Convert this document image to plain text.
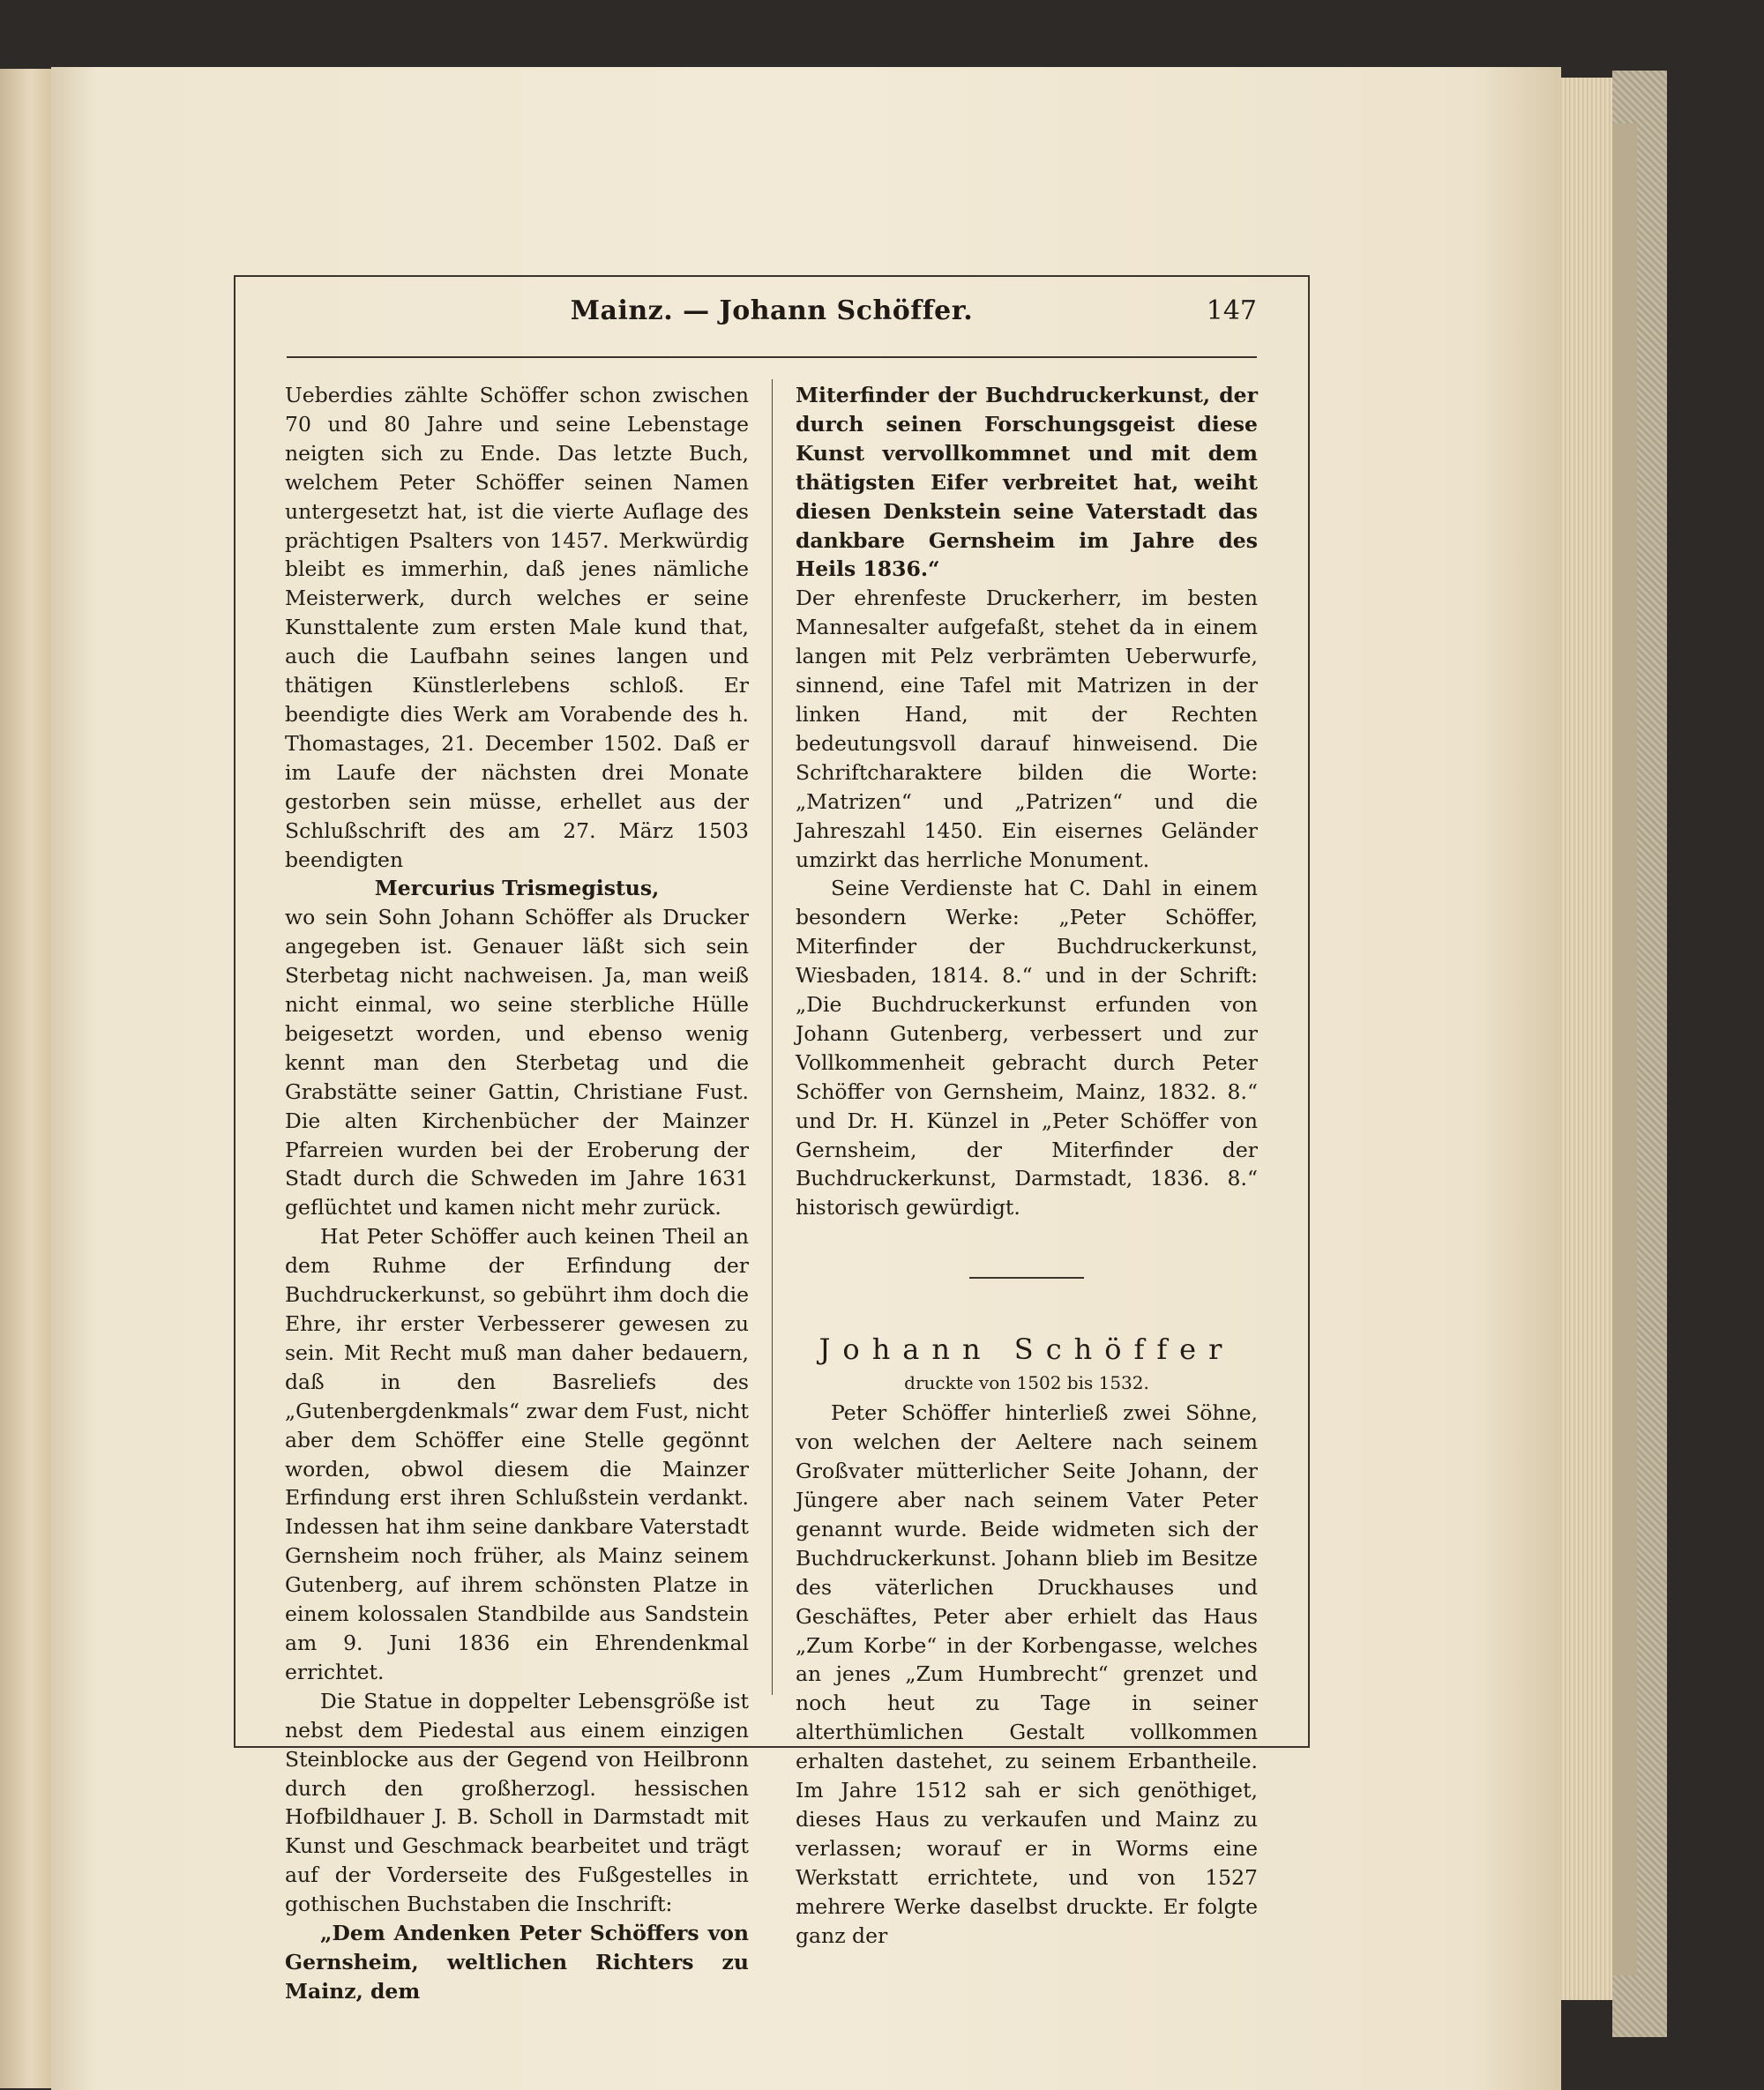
Mainz. — Johann Schöffer.	147

Ueberdies zählte Schöffer schon zwischen 70 und 80 Jahre und seine Lebenstage neigten sich zu Ende. Das letzte Buch, welchem Peter Schöffer seinen Namen untergesetzt hat, ist die vierte Auflage des prächtigen Psalters von 1457. Merkwürdig bleibt es immerhin, daß jenes nämliche Meisterwerk, durch welches er seine Kunsttalente zum ersten Male kund that, auch die Laufbahn seines langen und thätigen Künstlerlebens schloß. Er beendigte dies Werk am Vorabende des h. Thomastages, 21. December 1502. Daß er im Laufe der nächsten drei Monate gestorben sein müsse, erhellet aus der Schlußschrift des am 27. März 1503 beendigten

Mercurius Trismegistus,

wo sein Sohn Johann Schöffer als Drucker angegeben ist. Genauer läßt sich sein Sterbetag nicht nachweisen. Ja, man weiß nicht einmal, wo seine sterbliche Hülle beigesetzt worden, und ebenso wenig kennt man den Sterbetag und die Grabstätte seiner Gattin, Christiane Fust. Die alten Kirchenbücher der Mainzer Pfarreien wurden bei der Eroberung der Stadt durch die Schweden im Jahre 1631 geflüchtet und kamen nicht mehr zurück.

Hat Peter Schöffer auch keinen Theil an dem Ruhme der Erfindung der Buchdruckerkunst, so gebührt ihm doch die Ehre, ihr erster Verbesserer gewesen zu sein. Mit Recht muß man daher bedauern, daß in den Basreliefs des „Gutenbergdenkmals“ zwar dem Fust, nicht aber dem Schöffer eine Stelle gegönnt worden, obwol diesem die Mainzer Erfindung erst ihren Schlußstein verdankt. Indessen hat ihm seine dankbare Vaterstadt Gernsheim noch früher, als Mainz seinem Gutenberg, auf ihrem schönsten Platze in einem kolossalen Standbilde aus Sandstein am 9. Juni 1836 ein Ehrendenkmal errichtet.

Die Statue in doppelter Lebensgröße ist nebst dem Piedestal aus einem einzigen Steinblocke aus der Gegend von Heilbronn durch den großherzogl. hessischen Hofbildhauer J. B. Scholl in Darmstadt mit Kunst und Geschmack bearbeitet und trägt auf der Vorderseite des Fußgestelles in gothischen Buchstaben die Inschrift:

„Dem Andenken Peter Schöffers von Gernsheim, weltlichen Richters zu Mainz, dem

Miterfinder der Buchdruckerkunst, der durch seinen Forschungsgeist diese Kunst vervollkommnet und mit dem thätigsten Eifer verbreitet hat, weiht diesen Denkstein seine Vaterstadt das dankbare Gernsheim im Jahre des Heils 1836.“

Der ehrenfeste Druckerherr, im besten Mannesalter aufgefaßt, stehet da in einem langen mit Pelz verbrämten Ueberwurfe, sinnend, eine Tafel mit Matrizen in der linken Hand, mit der Rechten bedeutungsvoll darauf hinweisend. Die Schriftcharaktere bilden die Worte: „Matrizen“ und „Patrizen“ und die Jahreszahl 1450. Ein eisernes Geländer umzirkt das herrliche Monument.

Seine Verdienste hat C. Dahl in einem besondern Werke: „Peter Schöffer, Miterfinder der Buchdruckerkunst, Wiesbaden, 1814. 8.“ und in der Schrift: „Die Buchdruckerkunst erfunden von Johann Gutenberg, verbessert und zur Vollkommenheit gebracht durch Peter Schöffer von Gernsheim, Mainz, 1832. 8.“ und Dr. H. Künzel in „Peter Schöffer von Gernsheim, der Miterfinder der Buchdruckerkunst, Darmstadt, 1836. 8.“ historisch gewürdigt.

Johann Schöffer

druckte von 1502 bis 1532.

Peter Schöffer hinterließ zwei Söhne, von welchen der Aeltere nach seinem Großvater mütterlicher Seite Johann, der Jüngere aber nach seinem Vater Peter genannt wurde. Beide widmeten sich der Buchdruckerkunst. Johann blieb im Besitze des väterlichen Druckhauses und Geschäftes, Peter aber erhielt das Haus „Zum Korbe“ in der Korbengasse, welches an jenes „Zum Humbrecht“ grenzet und noch heut zu Tage in seiner alterthümlichen Gestalt vollkommen erhalten dastehet, zu seinem Erbantheile. Im Jahre 1512 sah er sich genöthiget, dieses Haus zu verkaufen und Mainz zu verlassen; worauf er in Worms eine Werkstatt errichtete, und von 1527 mehrere Werke daselbst druckte. Er folgte ganz der
